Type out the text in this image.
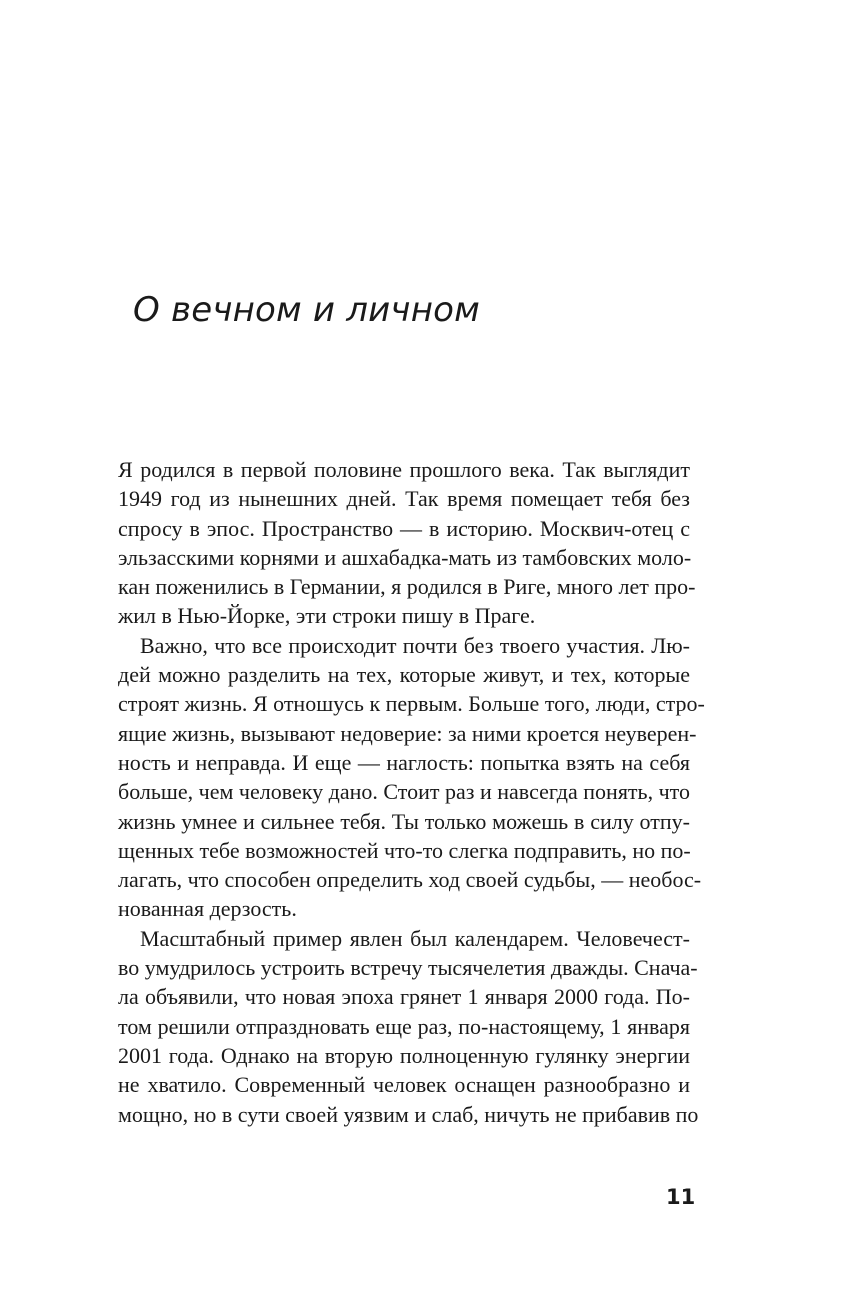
О вечном и личном
Я родился в первой половине прошлого века. Так выглядит
1949 год из нынешних дней. Так время помещает тебя без
спросу в эпос. Пространство — в историю. Москвич-отец с
эльзасскими корнями и ашхабадка-мать из тамбовских моло-
кан поженились в Германии, я родился в Риге, много лет про-
жил в Нью-Йорке, эти строки пишу в Праге.
Важно, что все происходит почти без твоего участия. Лю-
дей можно разделить на тех, которые живут, и тех, которые
строят жизнь. Я отношусь к первым. Больше того, люди, стро-
ящие жизнь, вызывают недоверие: за ними кроется неуверен-
ность и неправда. И еще — наглость: попытка взять на себя
больше, чем человеку дано. Стоит раз и навсегда понять, что
жизнь умнее и сильнее тебя. Ты только можешь в силу отпу-
щенных тебе возможностей что-то слегка подправить, но по-
лагать, что способен определить ход своей судьбы, — необос-
нованная дерзость.
Масштабный пример явлен был календарем. Человечест-
во умудрилось устроить встречу тысячелетия дважды. Снача-
ла объявили, что новая эпоха грянет 1 января 2000 года. По-
том решили отпраздновать еще раз, по-настоящему, 1 января
2001 года. Однако на вторую полноценную гулянку энергии
не хватило. Современный человек оснащен разнообразно и
мощно, но в сути своей уязвим и слаб, ничуть не прибавив по
11
